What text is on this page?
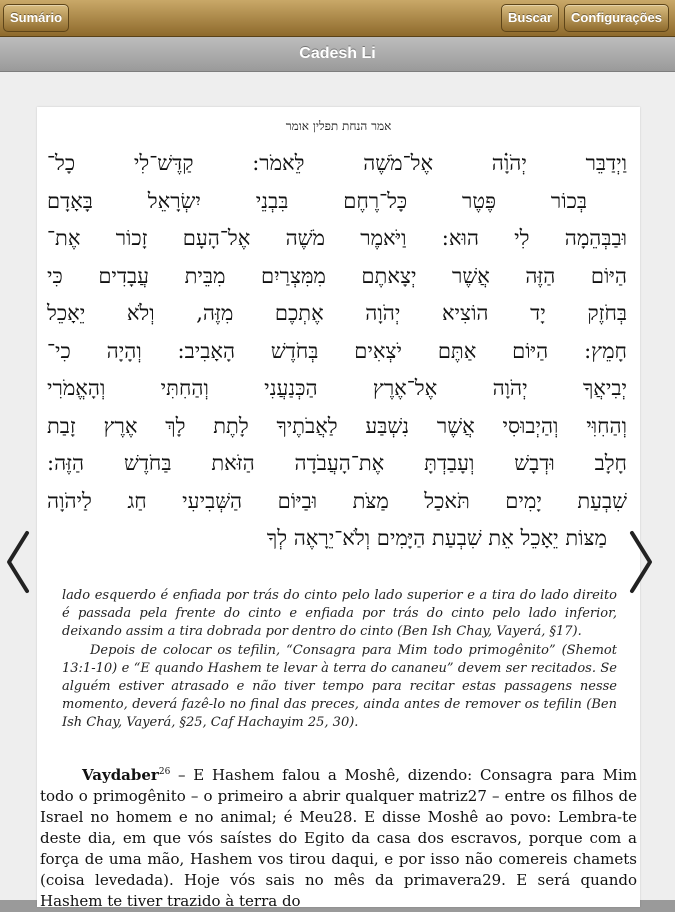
Sumário	Buscar	Configurações
Cadesh Li
אמר הנחת תפלין אומר
וַיְדַבֵּר יְהֹוָ֗ה אֶל־מֹשֶׁה לֵּאמֹר: קַדֶּשׁ־לִי כָל־
בְּכוֹר פֶּטֶר כָּל־רֶחֶם בִּבְנֵי יִשְׂרָאֵל בָּאָדָם
וּבַבְּהֵמָה לִי הוּא: וַיֹּאמֶר מֹשֶׁה אֶל־הָעָם זָכוֹר אֶת־
הַיּוֹם הַזֶּה אֲשֶׁר יְצָאתֶם מִמִּצְרַיִם מִבֵּית עֲבָדִים כִּי
בְּחֹזֶק יָד הוֹצִיא יְהֹוָה אֶתְכֶם מִזֶּה, וְלֹא יֵאָכֵל
חָמֵץ: הַיּוֹם אַתֶּם יֹצְאִים בְּחֹדֶשׁ הָאָבִיב: וְהָיָה כִי־
יְבִיאֲךָ יְהֹוָה אֶל־אֶרֶץ הַכְּנַעֲנִי וְהַחִתִּי וְהָאֱמֹרִי
וְהַחִוִּי וְהַיְבוּסִי אֲשֶׁר נִשְׁבַּע לַאֲבֹתֶיךָ לָתֶת לָךְ אֶרֶץ זָבַת
חָלָב וּדְבָשׁ וְעָבַדְתָּ אֶת־הָעֲבֹדָה הַזֹּאת בַּחֹדֶשׁ הַזֶּה:
שִׁבְעַת יָמִים תֹּאכַל מַצֹּת וּבַיּוֹם הַשְּׁבִיעִי חַג לַיהֹוָה
מַצּוֹת יֵאָכֵל אֵת שִׁבְעַת הַיָּמִים וְלֹא־יֵרָאֶה לְךָ

lado esquerdo é enfiada por trás do cinto pelo lado superior e a tira do lado direito é passada pela frente do cinto e enfiada por trás do cinto pelo lado inferior, deixando assim a tira dobrada por dentro do cinto (Ben Ish Chay, Vayerá, §17).

Depois de colocar os tefilin, “Consagra para Mim todo primogênito” (Shemot 13:1-10) e “E quando Hashem te levar à terra do cananeu” devem ser recitados. Se alguém estiver atrasado e não tiver tempo para recitar estas passagens nesse momento, deverá fazê-lo no final das preces, ainda antes de remover os tefilin (Ben Ish Chay, Vayerá, §25, Caf Hachayim 25, 30).

Vaydaber$^{26}$ – E Hashem falou a Moshê, dizendo: Consagra para Mim todo o primogênito – o primeiro a abrir qualquer matriz27 – entre os filhos de Israel no homem e no animal; é Meu28. E disse Moshê ao povo: Lembra-te deste dia, em que vós saístes do Egito da casa dos escravos, porque com a força de uma mão, Hashem vos tirou daqui, e por isso não comereis chamets (coisa levedada). Hoje vós sais no mês da primavera29. E será quando Hashem te tiver trazido à terra do
